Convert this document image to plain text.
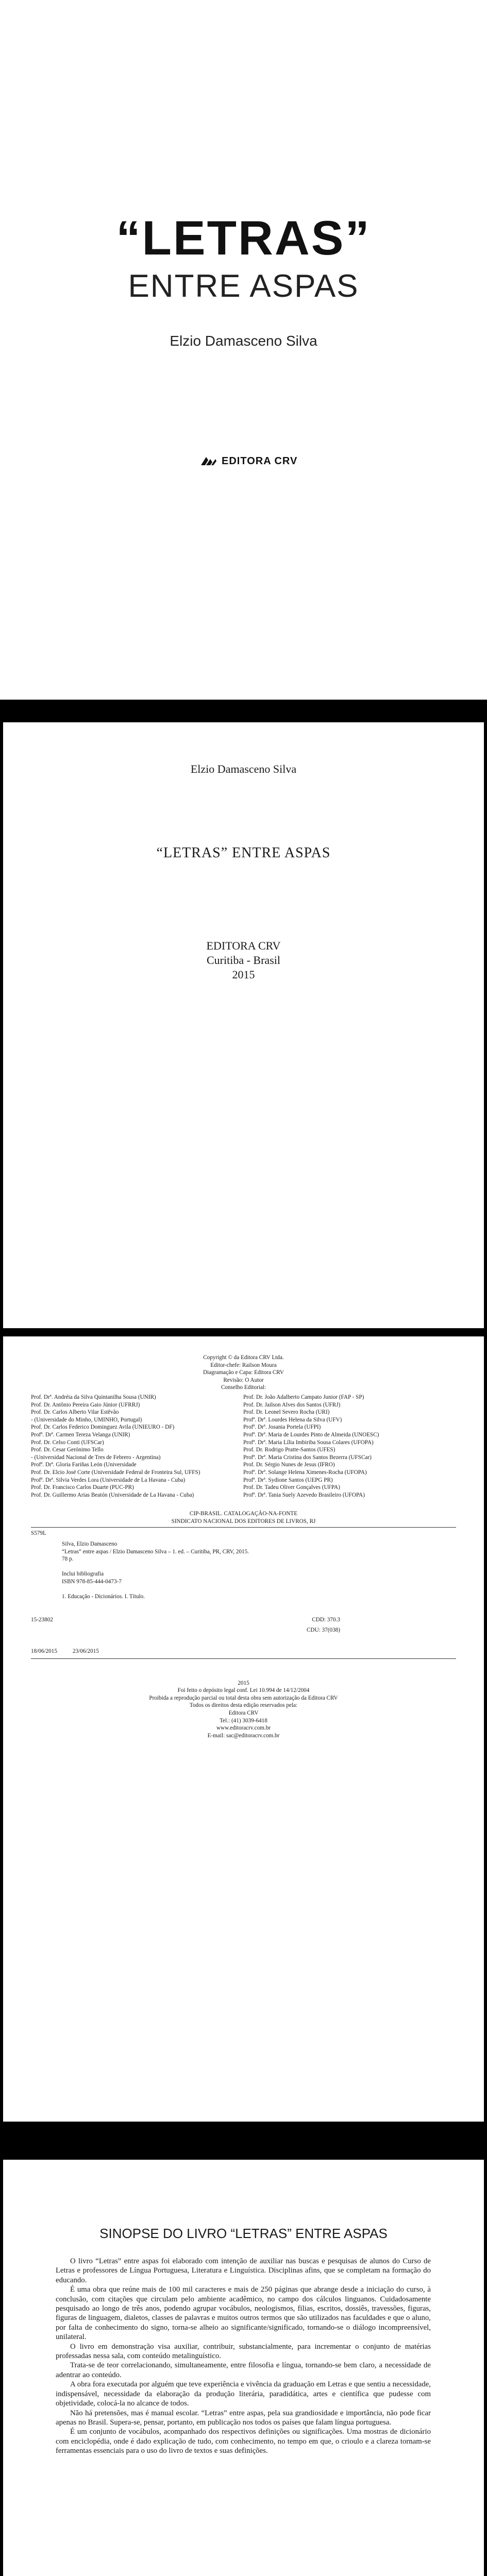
“LETRAS”
ENTRE ASPAS
Elzio Damasceno Silva
EDITORA CRV
Elzio Damasceno Silva
“LETRAS” ENTRE ASPAS
EDITORA CRV
Curitiba - Brasil
2015
Copyright © da Editora CRV Ltda.
Editor-chefe: Railson Moura
Diagramação e Capa: Editora CRV
Revisão: O Autor
Conselho Editorial:
Prof. Drª. Andréia da Silva Quintanilha Sousa (UNIR)
Prof. Dr. Antônio Pereira Gaio Júnior (UFRRJ)
Prof. Dr. Carlos Alberto Vilar Estêvão
- (Universidade do Minho, UMINHO, Portugal)
Prof. Dr. Carlos Federico Dominguez Avila (UNIEURO - DF)
Profª. Drª. Carmen Tereza Velanga (UNIR)
Prof. Dr. Celso Conti (UFSCar)
Prof. Dr. Cesar Gerónimo Tello
- (Universidad Nacional de Tres de Febrero - Argentina)
Profª. Drª. Gloria Fariñas León (Universidade
Prof. Dr. Elcio José Corte (Universidade Federal de Fronteira Sul, UFFS)
Profª. Drª. Silvia Verdes Lora (Universidade de La Havana - Cuba)
Prof. Dr. Francisco Carlos Duarte (PUC-PR)
Prof. Dr. Guillermo Arias Beatón (Universidade de La Havana - Cuba)
Prof. Dr. João Adalberto Campato Junior (FAP - SP)
Prof. Dr. Jailson Alves dos Santos (UFRJ)
Prof. Dr. Leonel Severo Rocha (URI)
Profª. Drª. Lourdes Helena da Silva (UFV)
Profª. Drª. Josania Portela (UFPI)
Profª. Drª. Maria de Lourdes Pinto de Almeida (UNOESC)
Profª. Drª. Maria Lília Imbiriba Sousa Colares (UFOPA)
Prof. Dr. Rodrigo Pratte-Santos (UFES)
Profª. Drª. Maria Cristina dos Santos Bezerra (UFSCar)
Prof. Dr. Sérgio Nunes de Jesus (IFRO)
Profª. Drª. Solange Helena Ximenes-Rocha (UFOPA)
Profª. Drª. Sydione Santos (UEPG PR)
Prof. Dr. Tadeu Oliver Gonçalves (UFPA)
Profª. Drª. Tania Suely Azevedo Brasileiro (UFOPA)
CIP-BRASIL. CATALOGAÇÃO-NA-FONTE
SINDICATO NACIONAL DOS EDITORES DE LIVROS, RJ
S579L
Silva, Elzio Damasceno
“Letras” entre aspas / Elzio Damasceno Silva – 1. ed. – Curitiba, PR, CRV, 2015.
78 p.
Inclui bibliografia
ISBN 978-85-444-0473-7
1. Educação - Dicionários. I. Título.
15-23802	CDD: 370.3
CDU: 37(038)
18/06/2015	23/06/2015
2015
Foi feito o depósito legal conf. Lei 10.994 de 14/12/2004
Proibida a reprodução parcial ou total desta obra sem autorização da Editora CRV
Todos os direitos desta edição reservados pela:
Editora CRV
Tel.: (41) 3039-6418
www.editoracrv.com.br
E-mail: sac@editoracrv.com.br
SINOPSE DO LIVRO “LETRAS” ENTRE ASPAS

O livro “Letras” entre aspas foi elaborado com intenção de auxiliar nas buscas e pesquisas de alunos do Curso de Letras e professores de Língua Portuguesa, Literatura e Linguística. Disciplinas afins, que se completam na formação do educando.

É uma obra que reúne mais de 100 mil caracteres e mais de 250 páginas que abrange desde a iniciação do curso, à conclusão, com citações que circulam pelo ambiente acadêmico, no campo dos cálculos linguanos. Cuidadosamente pesquisado ao longo de três anos, podendo agrupar vocábulos, neologismos, filias, escritos, dossiês, travessões, figuras, figuras de linguagem, dialetos, classes de palavras e muitos outros termos que são utilizados nas faculdades e que o aluno, por falta de conhecimento do signo, torna-se alheio ao significante/significado, tornando-se o diálogo incompreensível, unilateral.

O livro em demonstração visa auxiliar, contribuir, substancialmente, para incrementar o conjunto de matérias professadas nessa sala, com conteúdo metalinguístico.

Trata-se de teor correlacionando, simultaneamente, entre filosofia e língua, tornando-se bem claro, a necessidade de adentrar ao conteúdo.

A obra fora executada por alguém que teve experiência e vivência da graduação em Letras e que sentiu a necessidade, indispensável, necessidade da elaboração da produção literária, paradidática, artes e científica que pudesse com objetividade, colocá-la no alcance de todos.

Não há pretensões, mas é manual escolar. “Letras” entre aspas, pela sua grandiosidade e importância, não pode ficar apenas no Brasil. Supera-se, pensar, portanto, em publicação nos todos os países que falam língua portuguesa.

É um conjunto de vocábulos, acompanhado dos respectivos definições ou significações. Uma mostras de dicionário com enciclopédia, onde é dado explicação de tudo, com conhecimento, no tempo em que, o crioulo e a clareza tornam-se ferramentas essenciais para o uso do livro de textos e suas definições.
